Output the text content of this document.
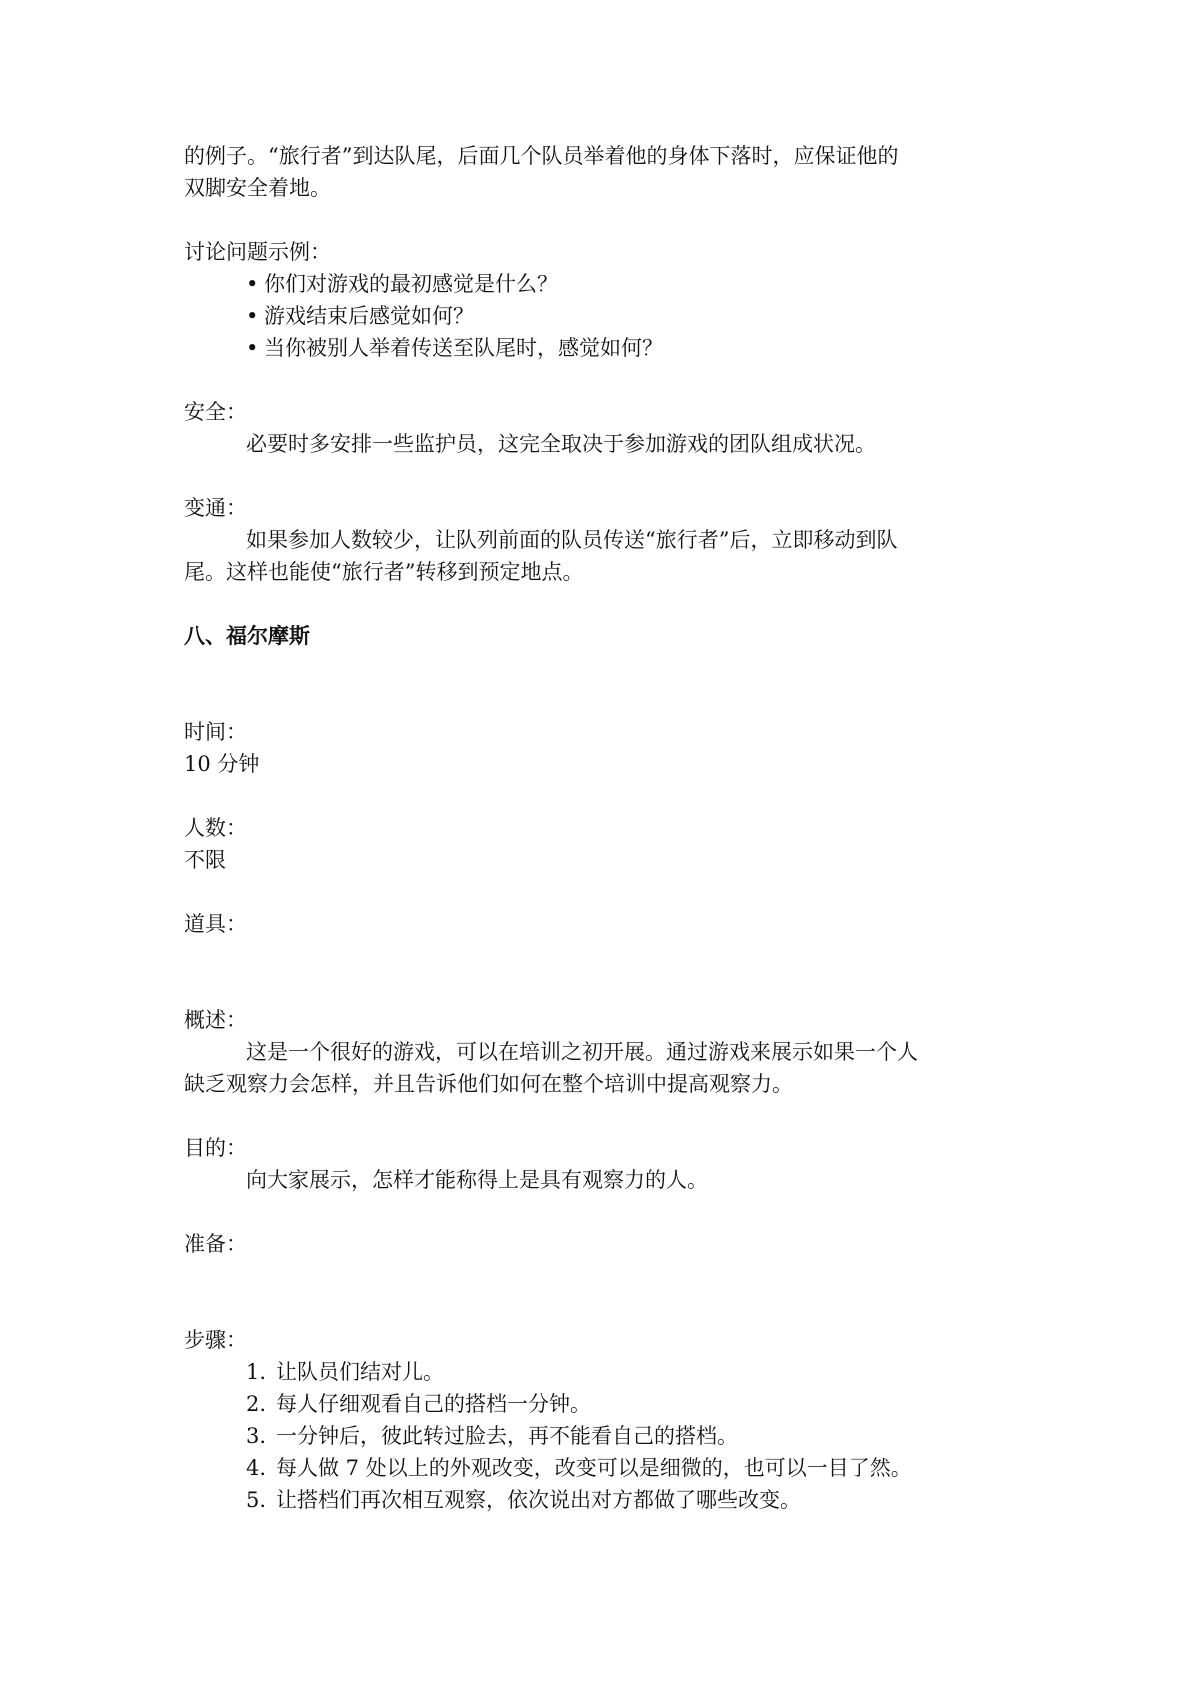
的例子。“旅行者”到达队尾，后面几个队员举着他的身体下落时，应保证他的

双脚安全着地。

讨论问题示例：

• 你们对游戏的最初感觉是什么？
• 游戏结束后感觉如何？
• 当你被别人举着传送至队尾时，感觉如何？

安全：

必要时多安排一些监护员，这完全取决于参加游戏的团队组成状况。

变通：

如果参加人数较少，让队列前面的队员传送“旅行者”后，立即移动到队

尾。这样也能使“旅行者”转移到预定地点。

八、福尔摩斯

时间：

10 分钟

人数：

不限

道具：

概述：

这是一个很好的游戏，可以在培训之初开展。通过游戏来展示如果一个人

缺乏观察力会怎样，并且告诉他们如何在整个培训中提高观察力。

目的：

向大家展示，怎样才能称得上是具有观察力的人。

准备：

步骤：

1. 让队员们结对儿。
2. 每人仔细观看自己的搭档一分钟。
3. 一分钟后，彼此转过脸去，再不能看自己的搭档。
4. 每人做 7 处以上的外观改变，改变可以是细微的，也可以一目了然。
5. 让搭档们再次相互观察，依次说出对方都做了哪些改变。
